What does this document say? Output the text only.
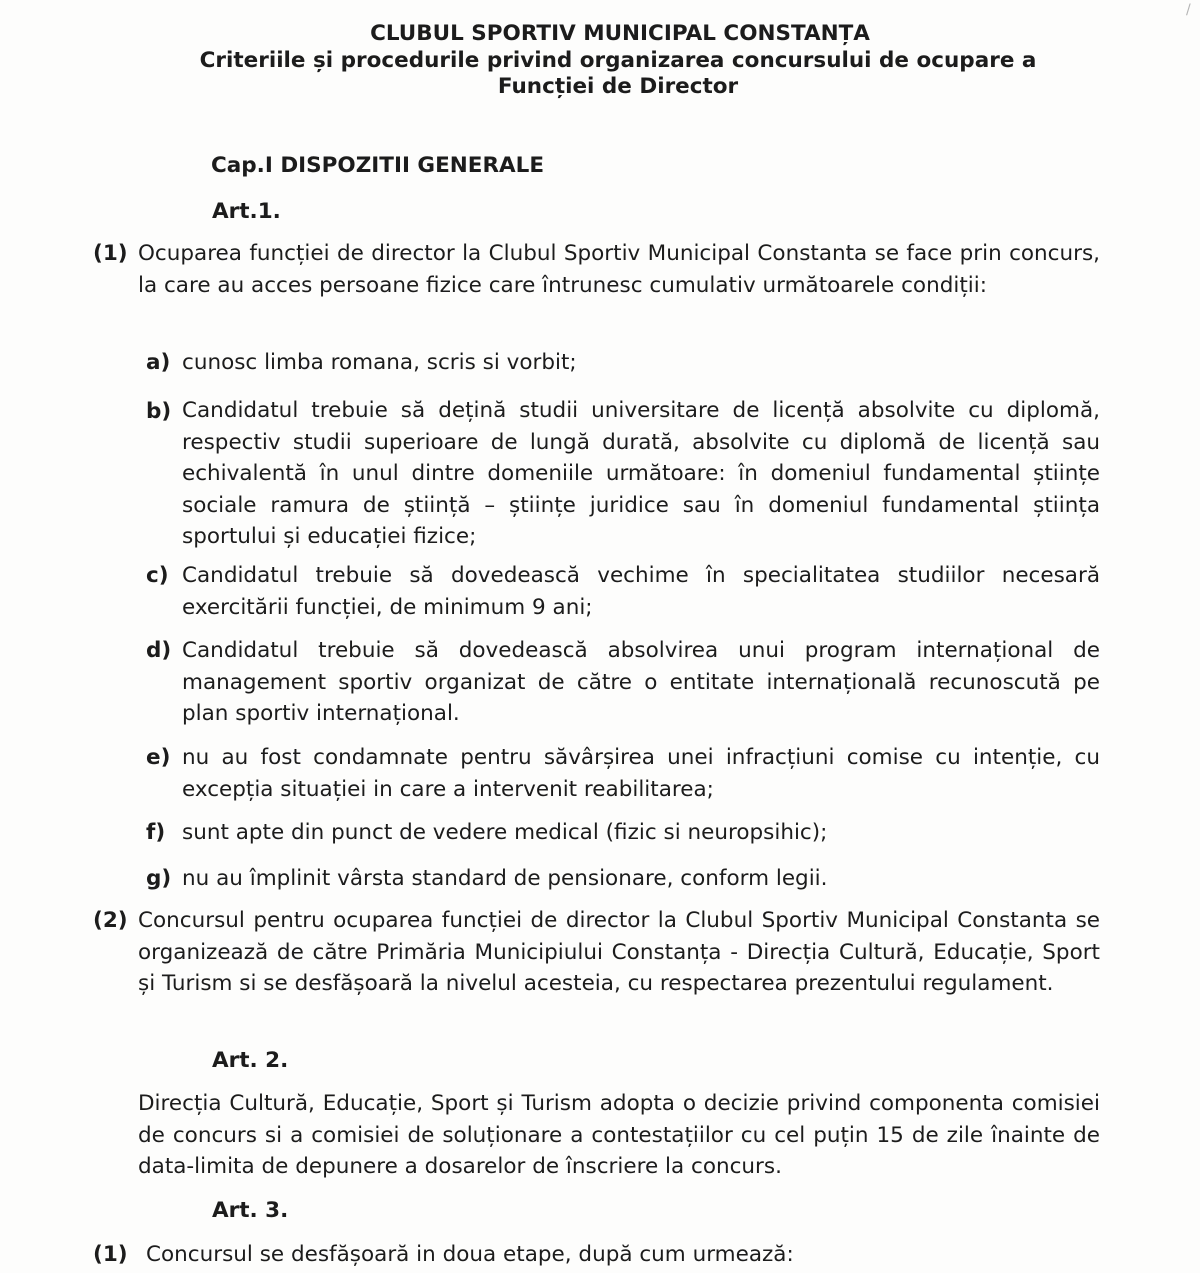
/
CLUBUL SPORTIV MUNICIPAL CONSTANȚA
Criteriile și procedurile privind organizarea concursului de ocupare a
Funcției de Director
Cap.I DISPOZITII GENERALE
Art.1.
(1) Ocuparea funcției de director la Clubul Sportiv Municipal Constanta se face prin concurs, la care au acces persoane fizice care întrunesc cumulativ următoarele condiții:
a) cunosc limba romana, scris si vorbit;
b) Candidatul trebuie să dețină studii universitare de licență absolvite cu diplomă, respectiv studii superioare de lungă durată, absolvite cu diplomă de licență sau echivalentă în unul dintre domeniile următoare: în domeniul fundamental științe sociale ramura de știință – științe juridice sau în domeniul fundamental știința sportului și educației fizice;
c) Candidatul trebuie să dovedească vechime în specialitatea studiilor necesară exercitării funcției, de minimum 9 ani;
d) Candidatul trebuie să dovedească absolvirea unui program internațional de management sportiv organizat de către o entitate internațională recunoscută pe plan sportiv internațional.
e) nu au fost condamnate pentru săvârșirea unei infracțiuni comise cu intenție, cu excepția situației in care a intervenit reabilitarea;
f) sunt apte din punct de vedere medical (fizic si neuropsihic);
g) nu au împlinit vârsta standard de pensionare, conform legii.
(2) Concursul pentru ocuparea funcției de director la Clubul Sportiv Municipal Constanta se organizează de către Primăria Municipiului Constanța - Direcția Cultură, Educație, Sport și Turism si se desfășoară la nivelul acesteia, cu respectarea prezentului regulament.
Art. 2.
Direcția Cultură, Educație, Sport și Turism adopta o decizie privind componenta comisiei de concurs si a comisiei de soluționare a contestațiilor cu cel puțin 15 de zile înainte de data-limita de depunere a dosarelor de înscriere la concurs.
Art. 3.
(1) Concursul se desfășoară in doua etape, după cum urmează:
